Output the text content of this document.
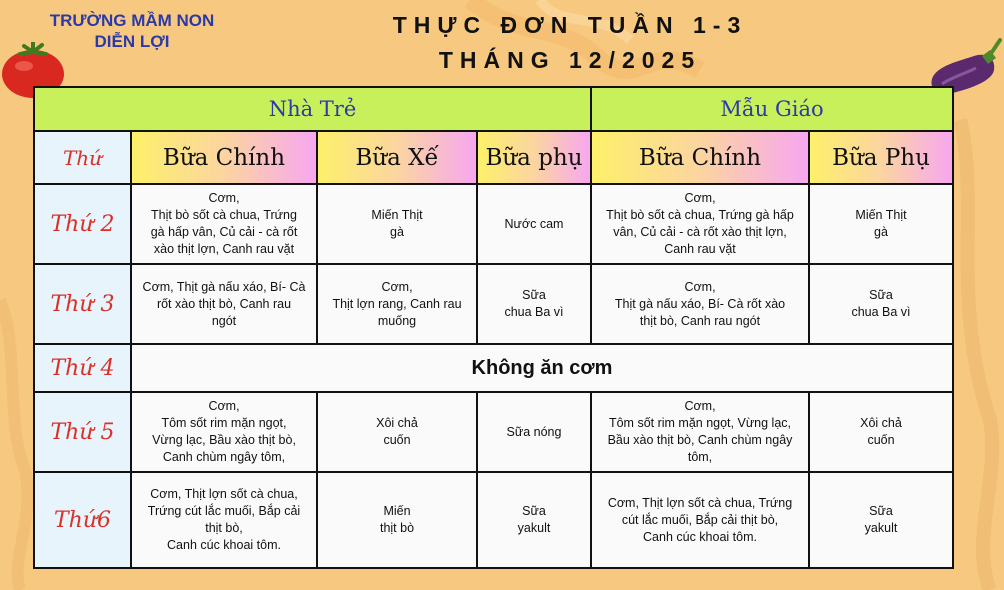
TRƯỜNG MẦM NON
DIỄN LỢI
THỰC ĐƠN TUẦN 1-3
THÁNG 12/2025
Nhà Trẻ				Mẫu Giáo	
Thứ	Bữa Chính	Bữa Xế	Bữa phụ	Bữa Chính	Bữa Phụ
Thứ 2	Cơm,
Thịt bò sốt cà chua, Trứng
gà hấp vân, Củ cải - cà rốt
xào thịt lợn, Canh rau vặt	Miến Thịt
gà	Nước cam	Cơm,
Thịt bò sốt cà chua, Trứng gà hấp
vân, Củ cải - cà rốt xào thịt lợn,
Canh rau vặt	Miến Thịt
gà
Thứ 3	Cơm, Thịt gà nấu xáo, Bí- Cà
rốt xào thịt bò, Canh rau
ngót	Cơm,
Thịt lợn rang, Canh rau
muống	Sữa
chua Ba vì	Cơm,
Thịt gà nấu xáo, Bí- Cà rốt xào
thịt bò, Canh rau ngót	Sữa
chua Ba vì
Thứ 4	Không ăn cơm				
Thứ 5	Cơm,
Tôm sốt rim mặn ngọt,
Vừng lạc, Bầu xào thịt bò,
Canh chùm ngây tôm,	Xôi chả
cuốn	Sữa nóng	Cơm,
Tôm sốt rim mặn ngọt, Vừng lạc,
Bầu xào thịt bò, Canh chùm ngây
tôm,	Xôi chả
cuốn
Thứ6	Cơm, Thịt lợn sốt cà chua,
Trứng cút lắc muối, Bắp cải
thịt bò,
Canh cúc khoai tôm.	Miến
thịt bò	Sữa
yakult	Cơm, Thịt lợn sốt cà chua, Trứng
cút lắc muối, Bắp cải thịt bò,
Canh cúc khoai tôm.	Sữa
yakult
